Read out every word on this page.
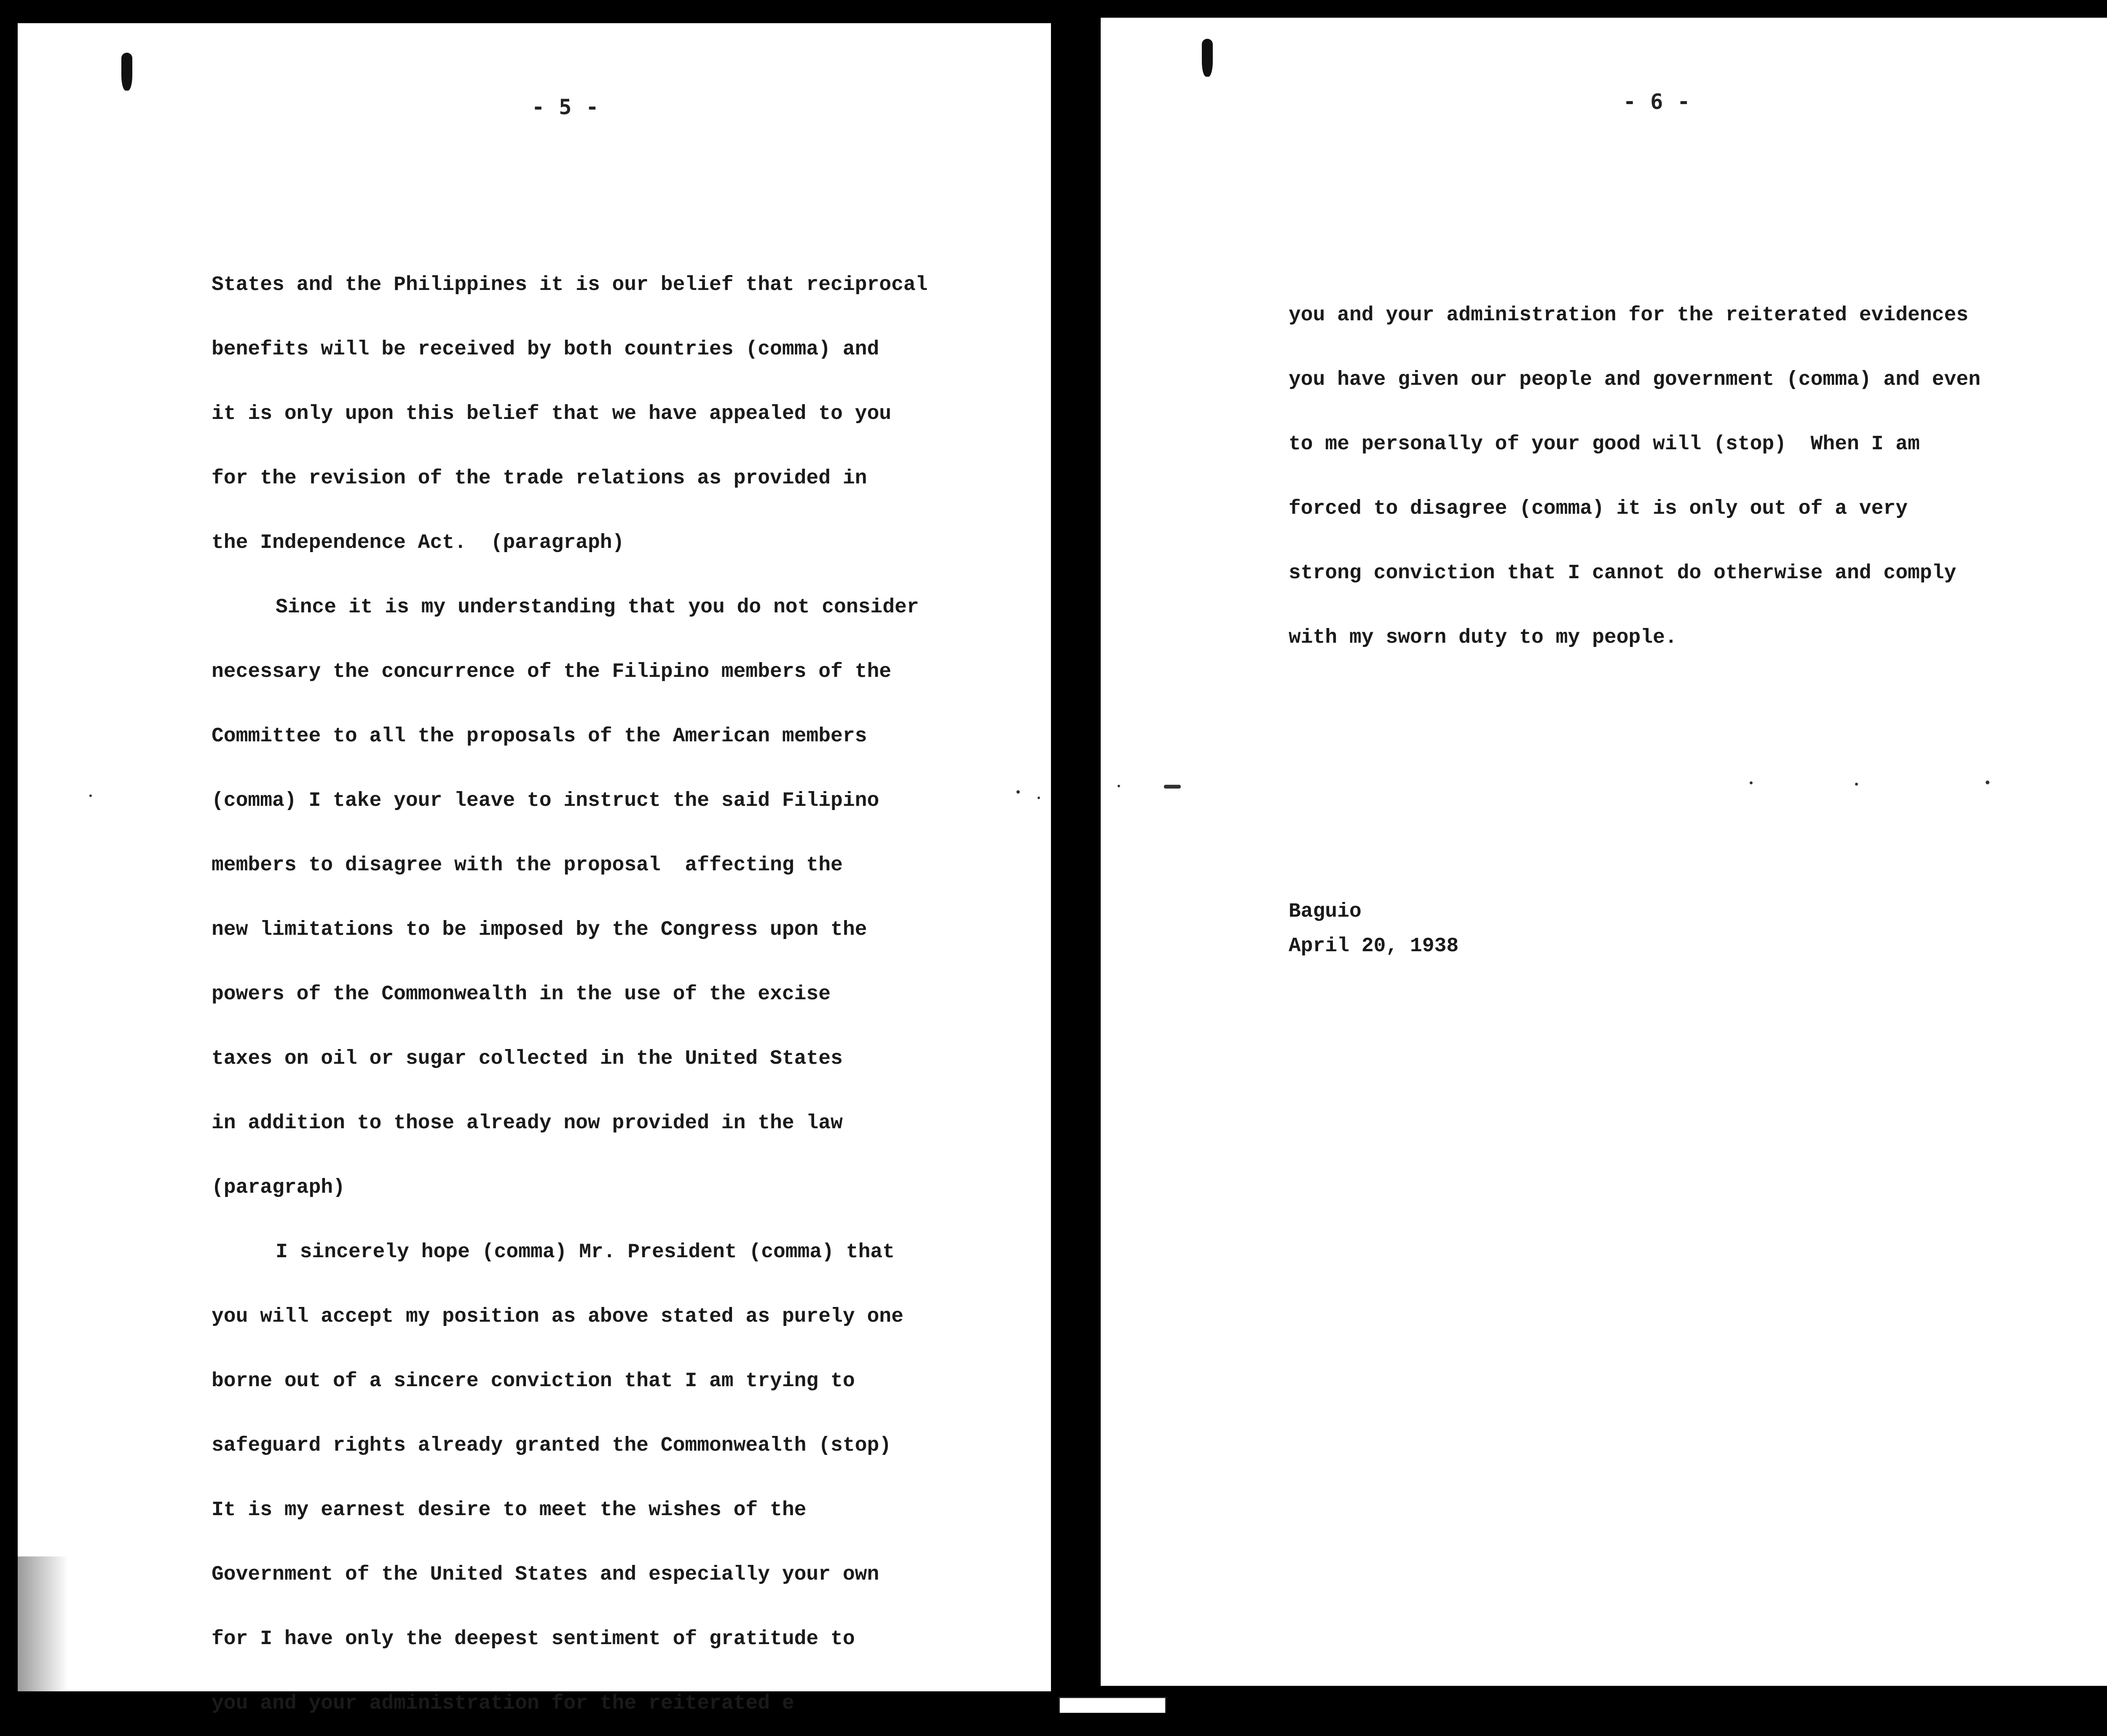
- 5 -
States and the Philippines it is our belief that reciprocal
benefits will be received by both countries (comma) and
it is only upon this belief that we have appealed to you
for the revision of the trade relations as provided in
the Independence Act.  (paragraph)
Since it is my understanding that you do not consider
necessary the concurrence of the Filipino members of the
Committee to all the proposals of the American members
(comma) I take your leave to instruct the said Filipino
members to disagree with the proposal  affecting the
new limitations to be imposed by the Congress upon the
powers of the Commonwealth in the use of the excise
taxes on oil or sugar collected in the United States
in addition to those already now provided in the law
(paragraph)
I sincerely hope (comma) Mr. President (comma) that
you will accept my position as above stated as purely one
borne out of a sincere conviction that I am trying to
safeguard rights already granted the Commonwealth (stop)
It is my earnest desire to meet the wishes of the
Government of the United States and especially your own
for I have only the deepest sentiment of gratitude to
you and your administration for the reiterated e
- 6 -
you and your administration for the reiterated evidences
you have given our people and government (comma) and even
to me personally of your good will (stop)  When I am
forced to disagree (comma) it is only out of a very
strong conviction that I cannot do otherwise and comply
with my sworn duty to my people.
Baguio
April 20, 1938
